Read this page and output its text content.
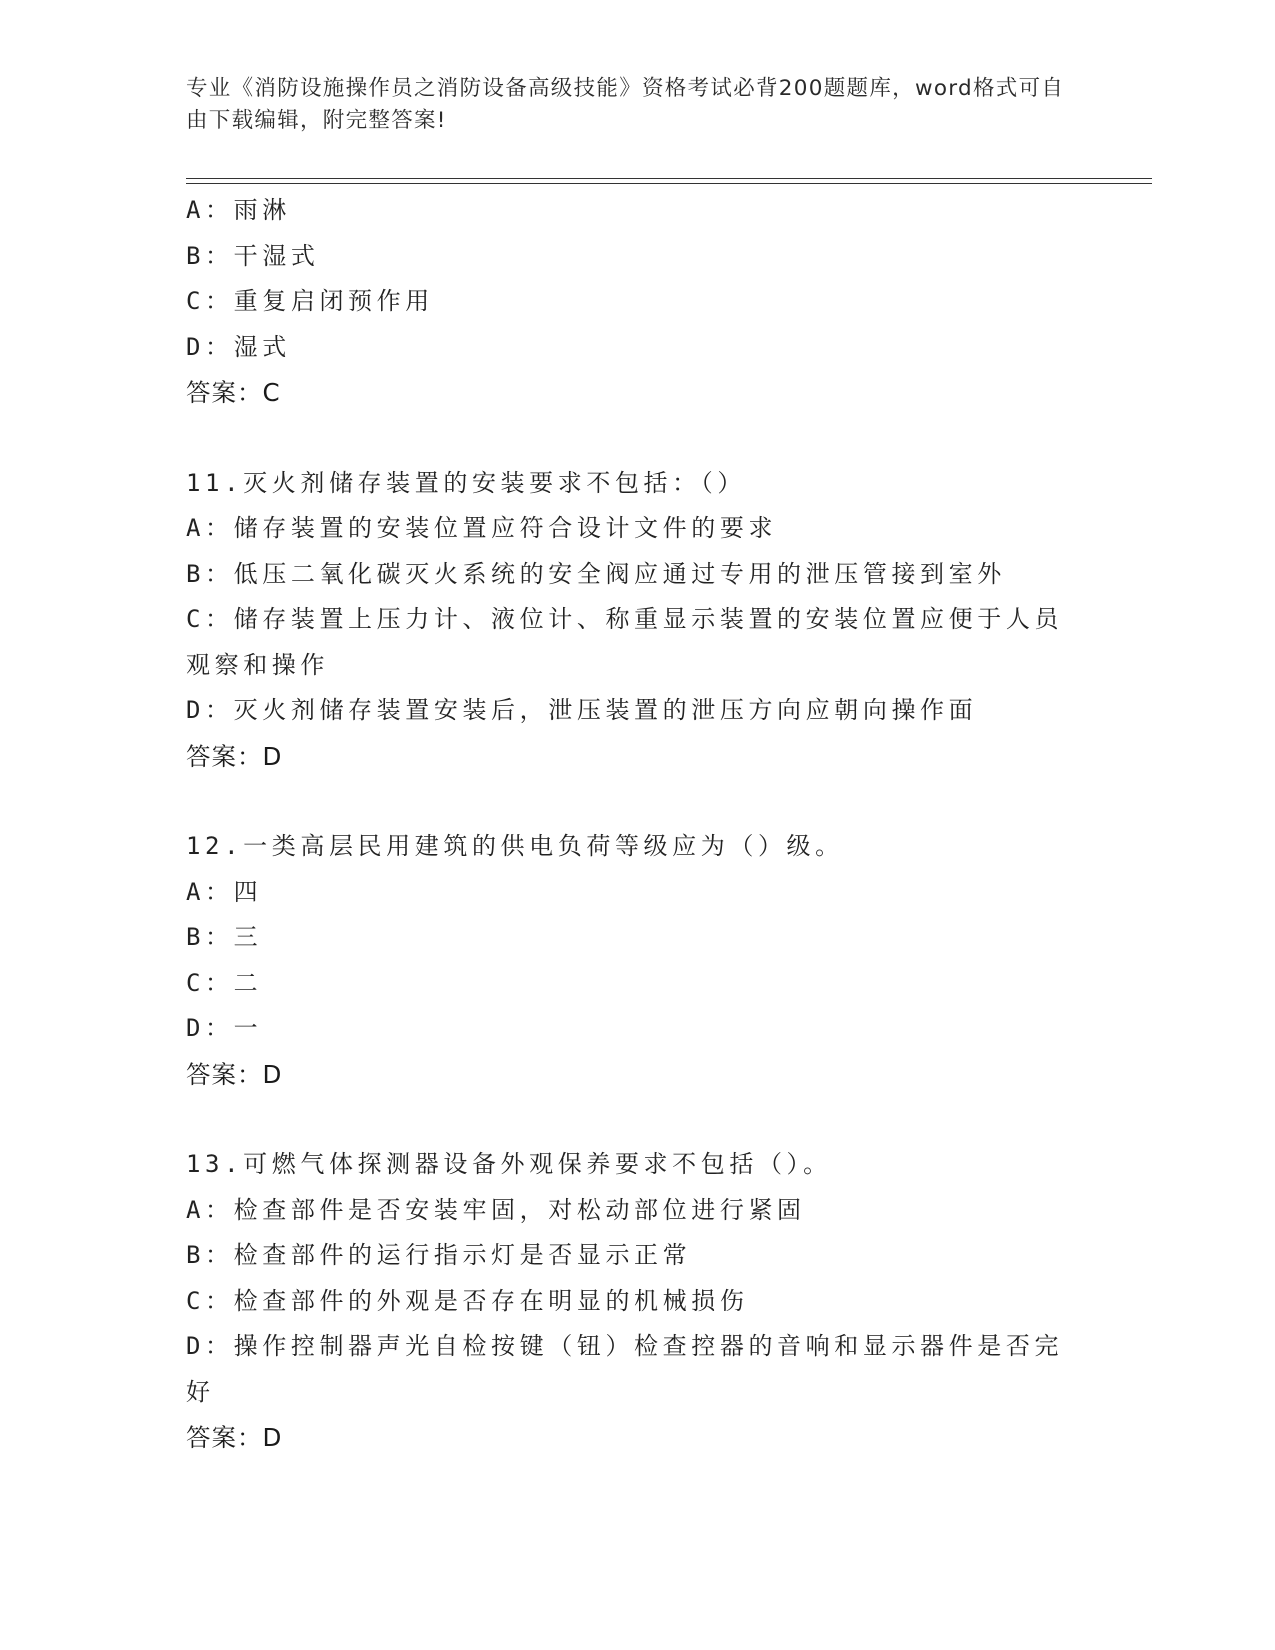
专业《消防设施操作员之消防设备高级技能》资格考试必背200题题库，word格式可自由下载编辑，附完整答案!
A：雨淋
B：干湿式
C：重复启闭预作用
D：湿式
答案：C
11.灭火剂储存装置的安装要求不包括：（）
A：储存装置的安装位置应符合设计文件的要求
B：低压二氧化碳灭火系统的安全阀应通过专用的泄压管接到室外
C：储存装置上压力计、液位计、称重显示装置的安装位置应便于人员观察和操作
D：灭火剂储存装置安装后，泄压装置的泄压方向应朝向操作面
答案：D
12.一类高层民用建筑的供电负荷等级应为（）级。
A：四
B：三
C：二
D：一
答案：D
13.可燃气体探测器设备外观保养要求不包括（）。
A：检查部件是否安装牢固，对松动部位进行紧固
B：检查部件的运行指示灯是否显示正常
C：检查部件的外观是否存在明显的机械损伤
D：操作控制器声光自检按键（钮）检查控器的音响和显示器件是否完好
答案：D
